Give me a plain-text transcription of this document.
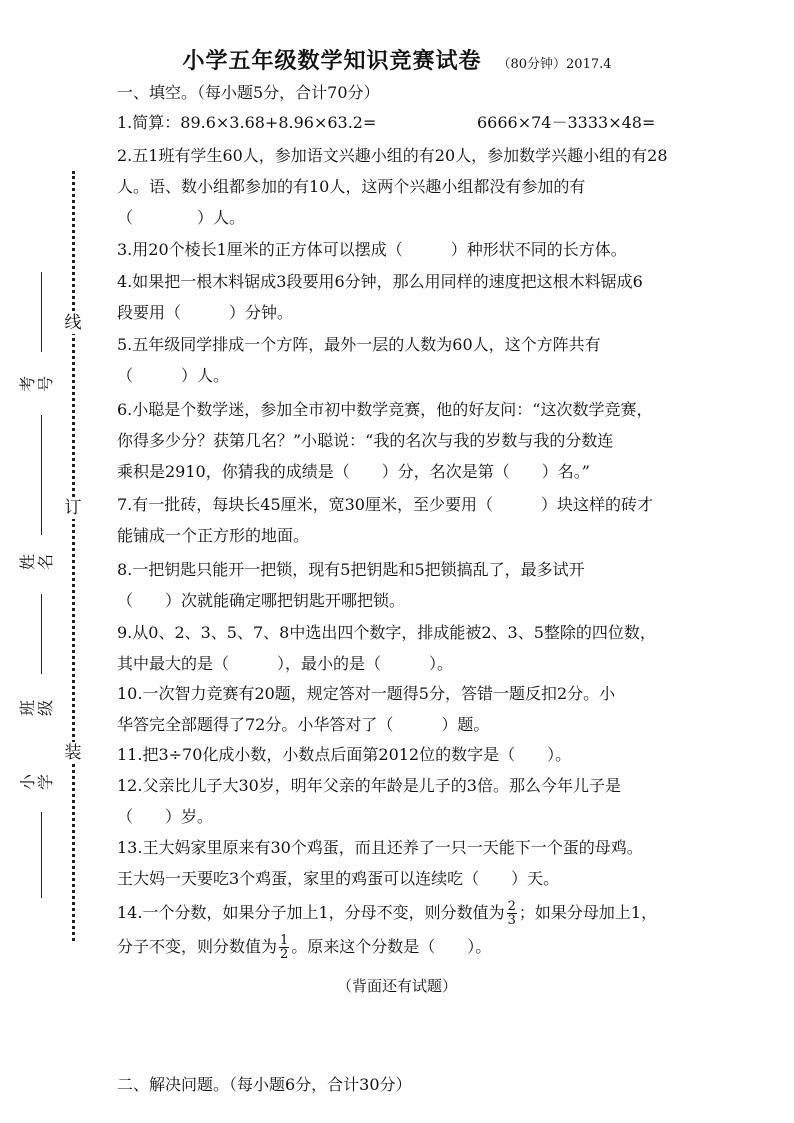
小学五年级数学知识竞赛试卷 （80分钟）2017.4
一、填空。（每小题5分，合计70分）
1.简算：89.6×3.68+8.96×63.2=	6666×74－3333×48=
2.五1班有学生60人，参加语文兴趣小组的有20人，参加数学兴趣小组的有28
人。语、数小组都参加的有10人，这两个兴趣小组都没有参加的有
（　　　　）人。
3.用20个棱长1厘米的正方体可以摆成（　　　）种形状不同的长方体。
4.如果把一根木料锯成3段要用6分钟，那么用同样的速度把这根木料锯成6
段要用（　　　）分钟。
5.五年级同学排成一个方阵，最外一层的人数为60人，这个方阵共有
（　　　）人。
6.小聪是个数学迷，参加全市初中数学竞赛，他的好友问：“这次数学竞赛，
你得多少分？获第几名？”小聪说：“我的名次与我的岁数与我的分数连
乘积是2910，你猜我的成绩是（　　）分，名次是第（　　）名。”
7.有一批砖，每块长45厘米，宽30厘米，至少要用（　　　）块这样的砖才
能铺成一个正方形的地面。
8.一把钥匙只能开一把锁，现有5把钥匙和5把锁搞乱了，最多试开
（　　）次就能确定哪把钥匙开哪把锁。
9.从0、2、3、5、7、8中选出四个数字，排成能被2、3、5整除的四位数，
其中最大的是（　　　），最小的是（　　　）。
10.一次智力竞赛有20题，规定答对一题得5分，答错一题反扣2分。小
华答完全部题得了72分。小华答对了（　　　）题。
11.把3÷70化成小数，小数点后面第2012位的数字是（　　）。
12.父亲比儿子大30岁，明年父亲的年龄是儿子的3倍。那么今年儿子是
（　　）岁。
13.王大妈家里原来有30个鸡蛋，而且还养了一只一天能下一个蛋的母鸡。
王大妈一天要吃3个鸡蛋，家里的鸡蛋可以连续吃（　　）天。
14.一个分数，如果分子加上1，分母不变，则分数值为 $\frac{2}{3}$ ；如果分母加上1，
分子不变，则分数值为 $\frac{1}{2}$ 。原来这个分数是（　　）。
（背面还有试题）
二、解决问题。（每小题6分，合计30分）
线
订
装
考号
姓名
班级
小学
